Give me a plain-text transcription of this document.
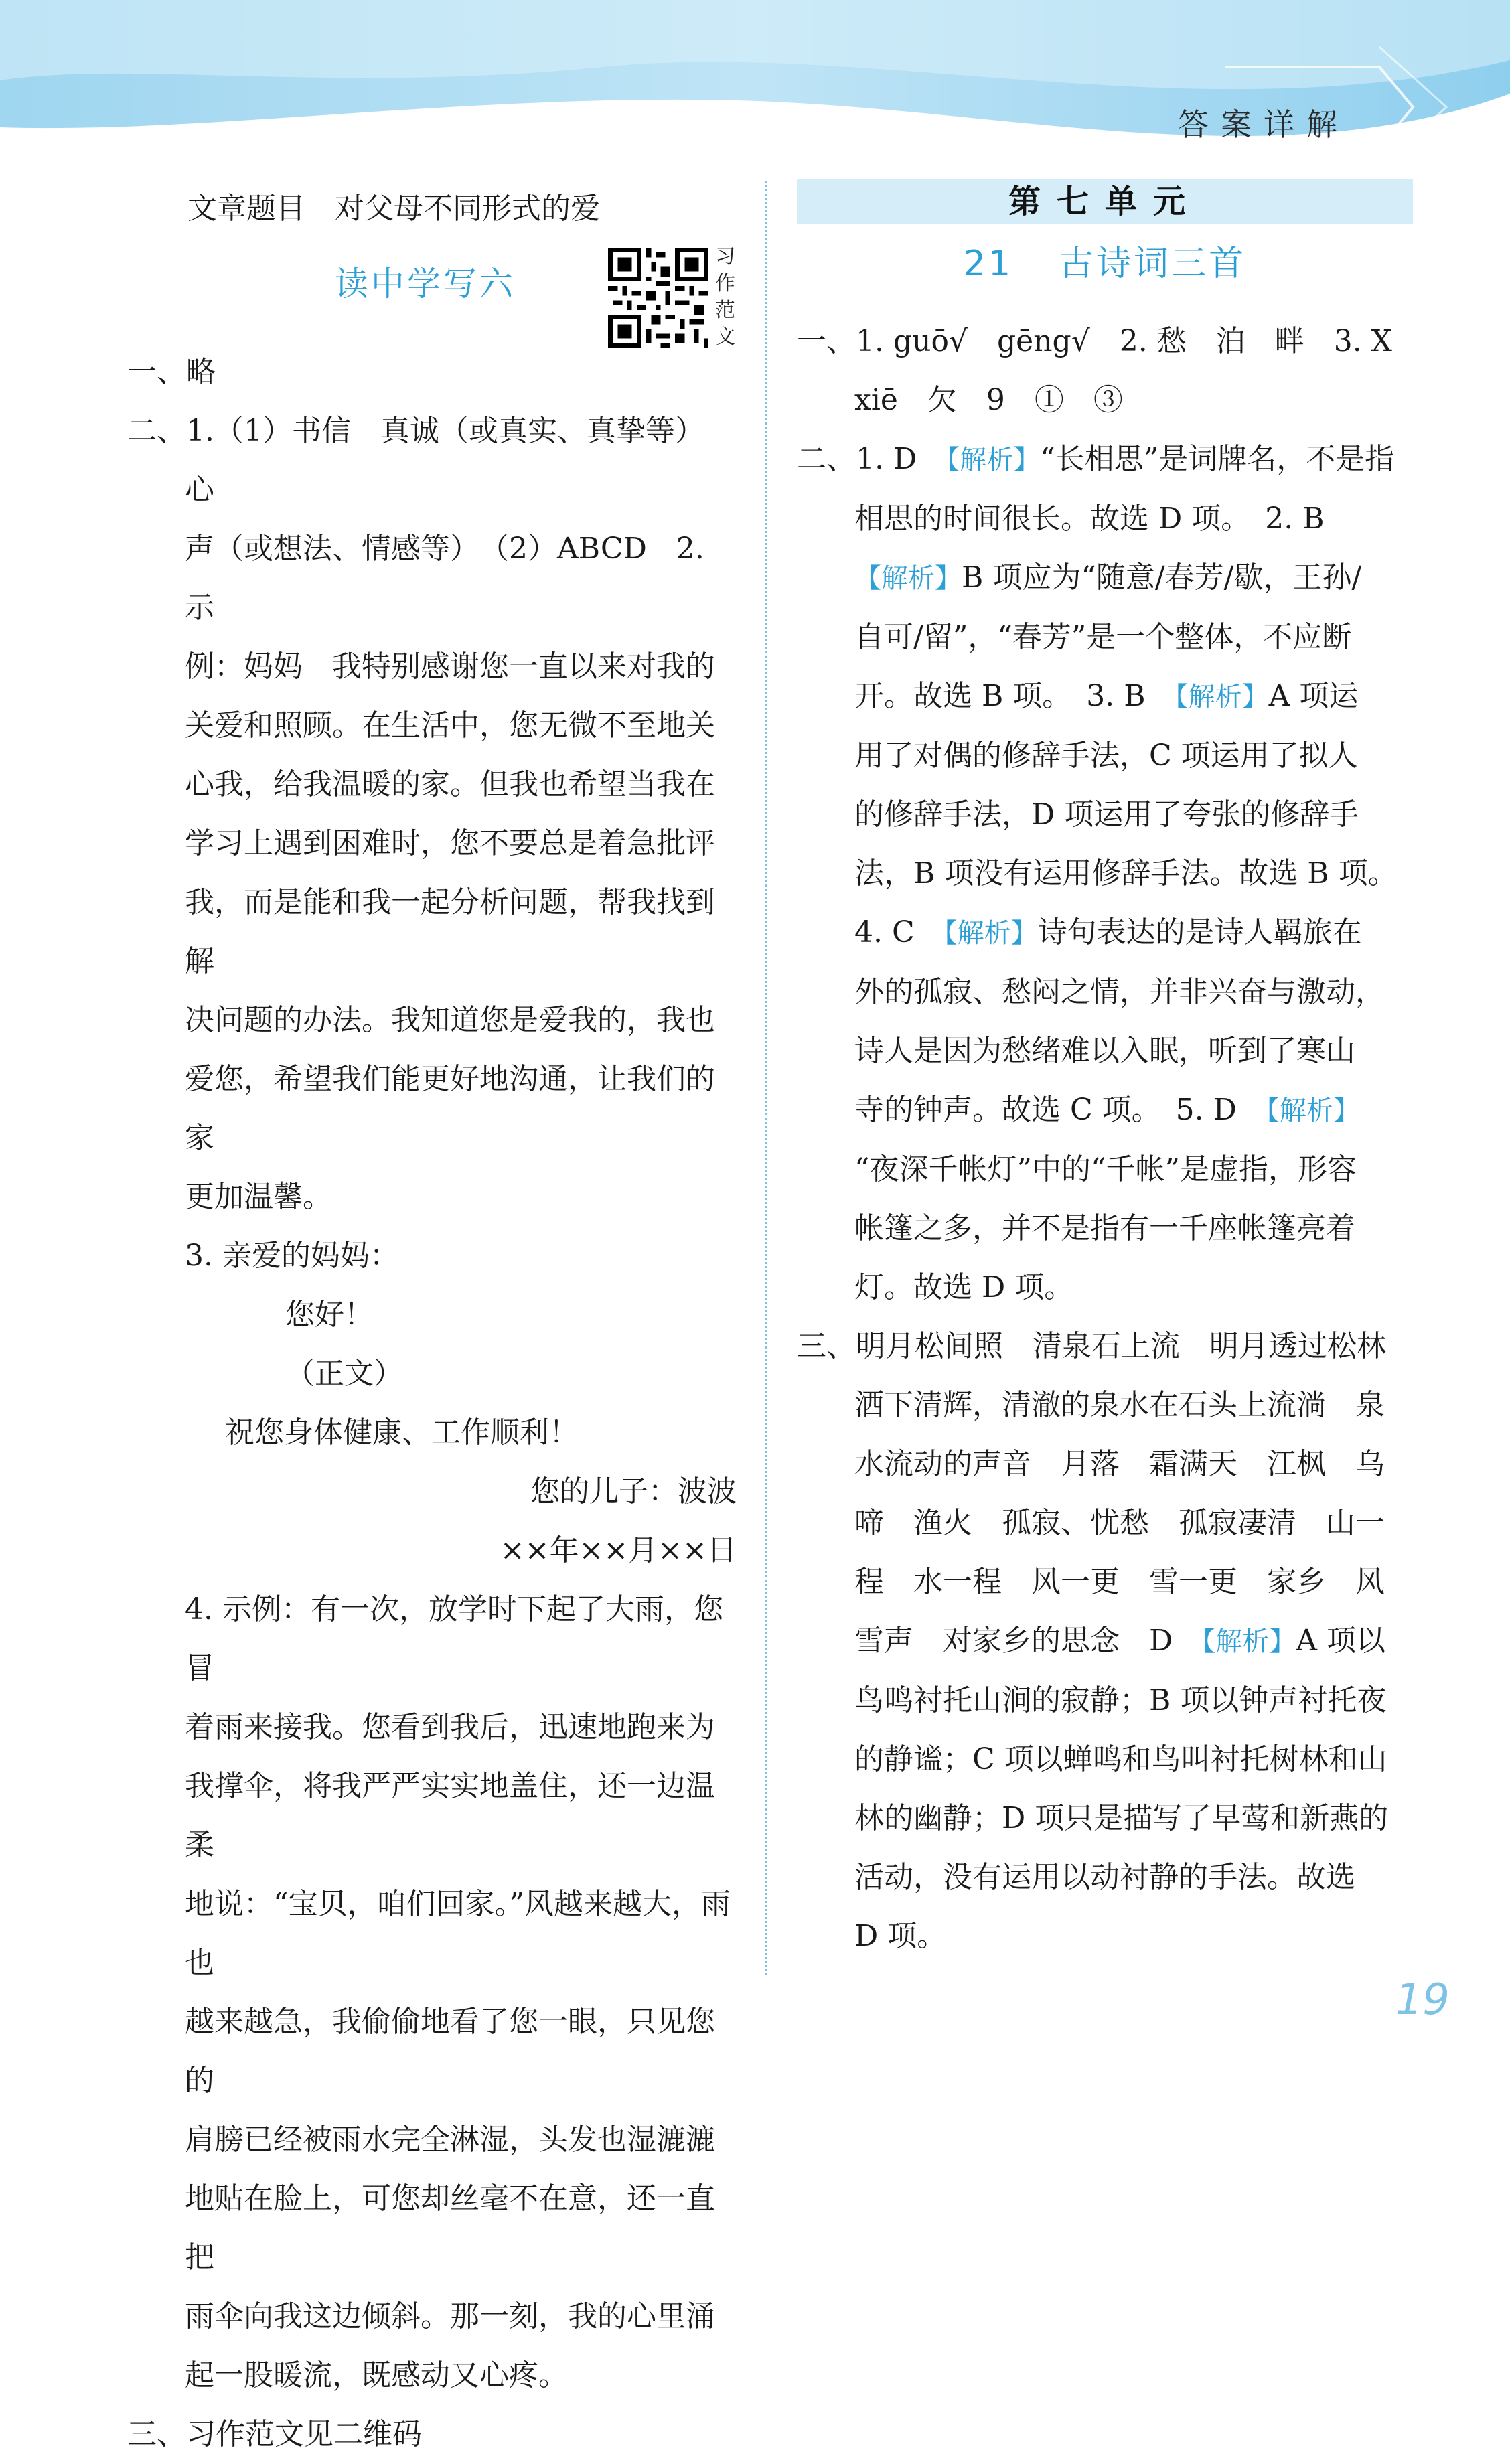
答案详解
文章题目　对父母不同形式的爱
读中学写六
习作范文
一、略
二、1.（1）书信　真诚（或真实、真挚等）　心
声（或想法、情感等）　（2）ABCD　2. 示
例：妈妈　我特别感谢您一直以来对我的
关爱和照顾。在生活中，您无微不至地关
心我，给我温暖的家。但我也希望当我在
学习上遇到困难时，您不要总是着急批评
我，而是能和我一起分析问题，帮我找到解
决问题的办法。我知道您是爱我的，我也
爱您，希望我们能更好地沟通，让我们的家
更加温馨。
3. 亲爱的妈妈：
您好！
（正文）
祝您身体健康、工作顺利！
您的儿子：波波
××年××月××日
4. 示例：有一次，放学时下起了大雨，您冒
着雨来接我。您看到我后，迅速地跑来为
我撑伞，将我严严实实地盖住，还一边温柔
地说：“宝贝，咱们回家。”风越来越大，雨也
越来越急，我偷偷地看了您一眼，只见您的
肩膀已经被雨水完全淋湿，头发也湿漉漉
地贴在脸上，可您却丝毫不在意，还一直把
雨伞向我这边倾斜。那一刻，我的心里涌
起一股暖流，既感动又心疼。
三、习作范文见二维码
第七单元
21 古诗词三首
一、1. guō√　gēng√　2. 愁　泊　畔　3. X
xiē　欠　9　①　③
二、1. D　【解析】“长相思”是词牌名，不是指
相思的时间很长。故选 D 项。　2. B
【解析】B 项应为“随意/春芳/歇，王孙/
自可/留”，“春芳”是一个整体，不应断
开。故选 B 项。　3. B　【解析】A 项运
用了对偶的修辞手法，C 项运用了拟人
的修辞手法，D 项运用了夸张的修辞手
法，B 项没有运用修辞手法。故选 B 项。
4. C　【解析】诗句表达的是诗人羁旅在
外的孤寂、愁闷之情，并非兴奋与激动，
诗人是因为愁绪难以入眠，听到了寒山
寺的钟声。故选 C 项。　5. D　【解析】
“夜深千帐灯”中的“千帐”是虚指，形容
帐篷之多，并不是指有一千座帐篷亮着
灯。故选 D 项。
三、明月松间照　清泉石上流　明月透过松林
洒下清辉，清澈的泉水在石头上流淌　泉
水流动的声音　月落　霜满天　江枫　乌
啼　渔火　孤寂、忧愁　孤寂凄清　山一
程　水一程　风一更　雪一更　家乡　风
雪声　对家乡的思念　D　【解析】A 项以
鸟鸣衬托山涧的寂静；B 项以钟声衬托夜
的静谧；C 项以蝉鸣和鸟叫衬托树林和山
林的幽静；D 项只是描写了早莺和新燕的
活动，没有运用以动衬静的手法。故选
D 项。
19
